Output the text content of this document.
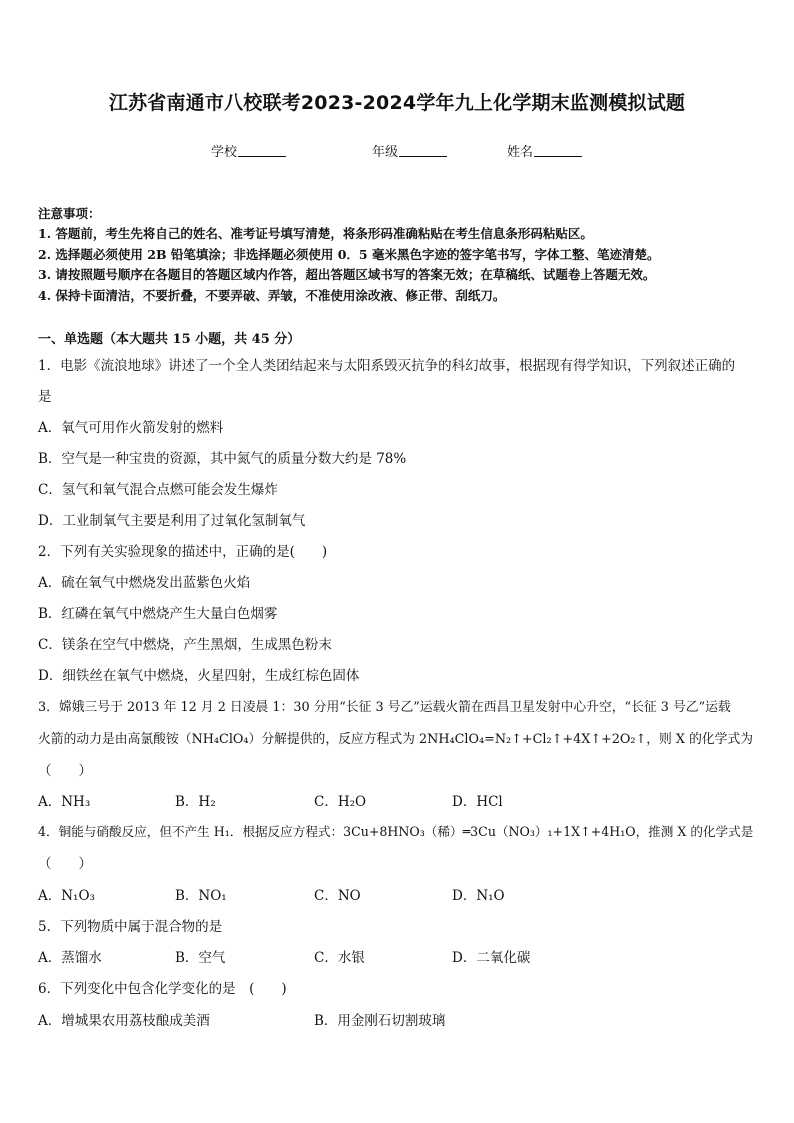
江苏省南通市八校联考2023-2024学年九上化学期末监测模拟试题
学校	年级	姓名
注意事项：
1. 答题前，考生先将自己的姓名、准考证号填写清楚，将条形码准确粘贴在考生信息条形码粘贴区。
2. 选择题必须使用 2B 铅笔填涂；非选择题必须使用 0．5 毫米黑色字迹的签字笔书写，字体工整、笔迹清楚。
3. 请按照题号顺序在各题目的答题区域内作答，超出答题区域书写的答案无效；在草稿纸、试题卷上答题无效。
4. 保持卡面清洁，不要折叠，不要弄破、弄皱，不准使用涂改液、修正带、刮纸刀。
一、单选题（本大题共 15 小题，共 45 分）
1．电影《流浪地球》讲述了一个全人类团结起来与太阳系毁灭抗争的科幻故事，根据现有得学知识，下列叙述正确的
是
A．氧气可用作火箭发射的燃料
B．空气是一种宝贵的资源，其中氮气的质量分数大约是 78%
C．氢气和氧气混合点燃可能会发生爆炸
D．工业制氧气主要是利用了过氧化氢制氧气
2．下列有关实验现象的描述中，正确的是(　　)
A．硫在氧气中燃烧发出蓝紫色火焰
B．红磷在氧气中燃烧产生大量白色烟雾
C．镁条在空气中燃烧，产生黑烟，生成黑色粉末
D．细铁丝在氧气中燃烧，火星四射，生成红棕色固体
3．嫦娥三号于 2013 年 12 月 2 日凌晨 1：30 分用“长征 3 号乙”运载火箭在西昌卫星发射中心升空，“长征 3 号乙”运载
火箭的动力是由高氯酸铵（NH₄ClO₄）分解提供的，反应方程式为 2NH₄ClO₄=N₂↑+Cl₂↑+4X↑+2O₂↑，则 X 的化学式为
（　　）
A．NH₃	B．H₂	C．H₂O	D．HCl
4．铜能与硝酸反应，但不产生 H₁．根据反应方程式：3Cu+8HNO₃（稀）═3Cu（NO₃）₁+1X↑+4H₁O，推测 X 的化学式是
（　　）
A．N₁O₃	B．NO₁	C．NO	D．N₁O
5．下列物质中属于混合物的是
A．蒸馏水	B．空气	C．水银	D．二氧化碳
6．下列变化中包含化学变化的是　(　　)
A．增城果农用荔枝酿成美酒	B．用金刚石切割玻璃
